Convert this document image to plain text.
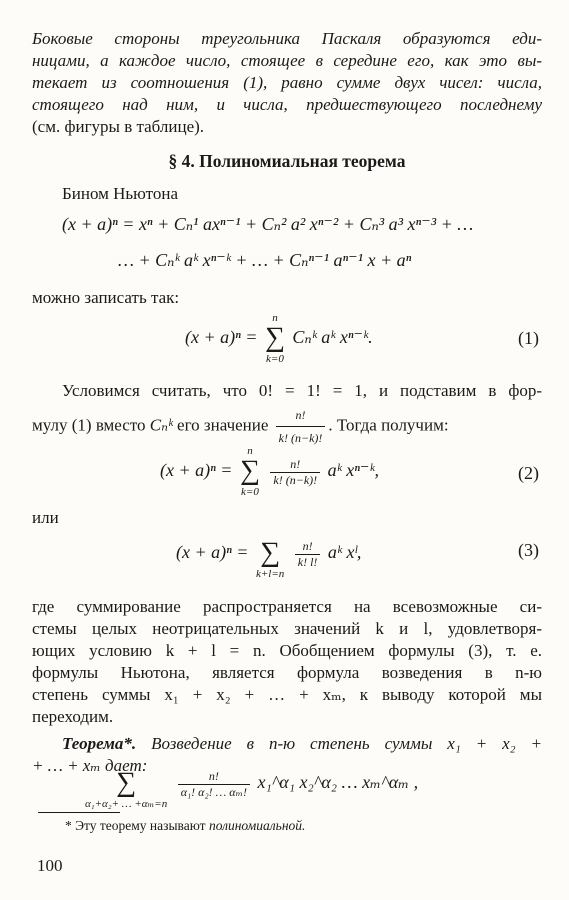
Боковые стороны треугольника Паскаля образуются еди-
ницами, а каждое число, стоящее в середине его, как это вы-
текает из соотношения (1), равно сумме двух чисел: числа,
стоящего над ним, и числа, предшествующего последнему
(см. фигуры в таблице).
§ 4. Полиномиальная теорема
Бином Ньютона
(x + a)ⁿ = xⁿ + Cₙ¹ axⁿ⁻¹ + Cₙ² a² xⁿ⁻² + Cₙ³ a³ xⁿ⁻³ + …
… + Cₙᵏ aᵏ xⁿ⁻ᵏ + … + Cₙⁿ⁻¹ aⁿ⁻¹ x + aⁿ
можно записать так:
(x + a)ⁿ =
n
∑
k=0
Cₙᵏ aᵏ xⁿ⁻ᵏ.	(1)
Условимся считать, что 0! = 1! = 1, и подставим в фор-
мулу (1) вместо Cₙᵏ его значение $\frac{n!}{k! (n-k)!}$ . Тогда получим:
(x + a)ⁿ =
n
∑
k=0

$\frac{n!}{k! (n-k)!}$ aᵏ xⁿ⁻ᵏ,	(2)
или
(x + a)ⁿ =
∑
k+l=n

$\frac{n!}{k! l!}$ aᵏ xˡ,	(3)
где суммирование распространяется на всевозможные си-
стемы целых неотрицательных значений k и l, удовлетворя-
ющих условию k + l = n. Обобщением формулы (3), т. е.
формулы Ньютона, является формула возведения в n-ю
степень суммы x₁ + x₂ + … + xₘ, к выводу которой мы
переходим.
Теорема*. Возведение в n-ю степень суммы x₁ + x₂ +
+ … + xₘ дает:

∑
α₁+α₂+ … +αₘ=n

$\frac{n!}{\text{α₁! α₂! … αₘ!}}$ x₁^α₁ x₂^α₂ … xₘ^αₘ ,
* Эту теорему называют полиномиальной.
100
